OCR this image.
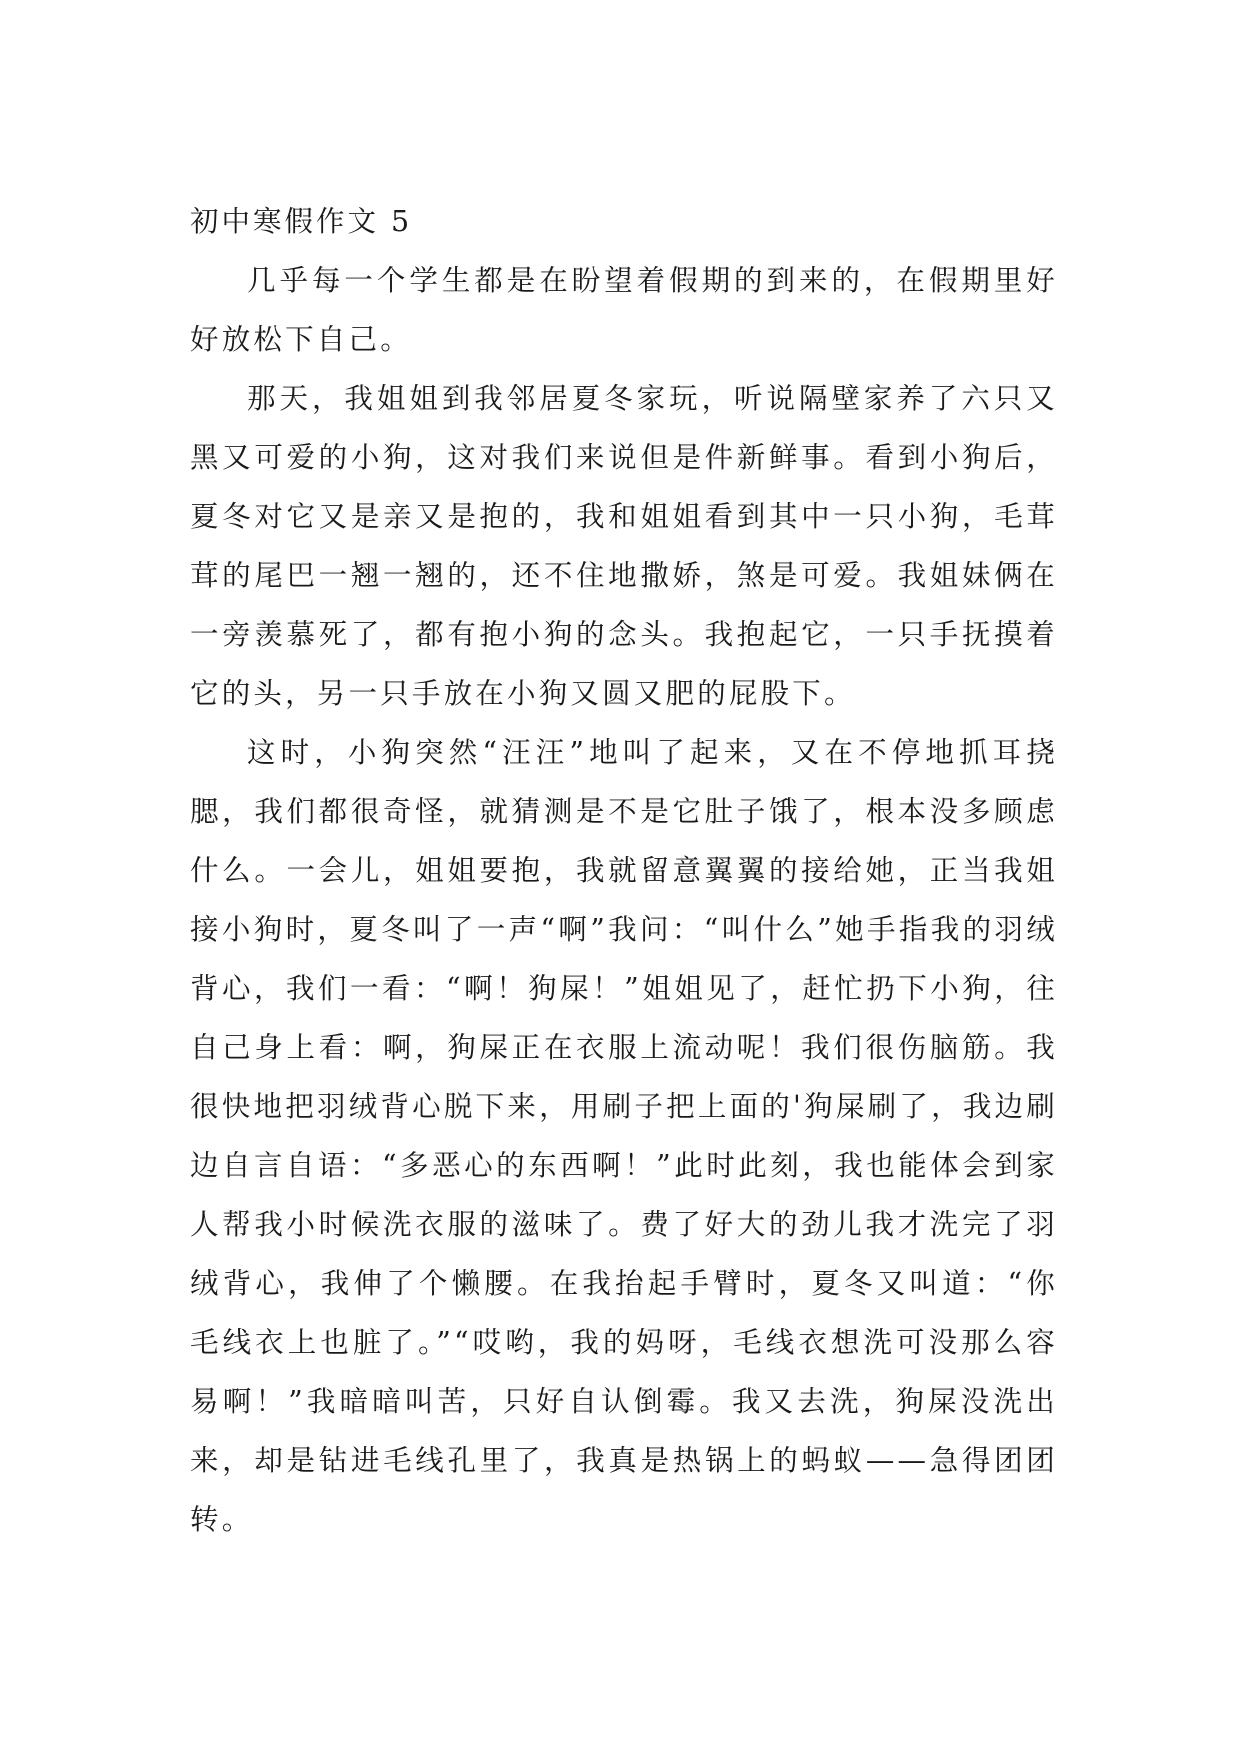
初中寒假作文 5

几乎每一个学生都是在盼望着假期的到来的，在假期里好好放松下自己。

那天，我姐姐到我邻居夏冬家玩，听说隔壁家养了六只又黑又可爱的小狗，这对我们来说但是件新鲜事。看到小狗后，夏冬对它又是亲又是抱的，我和姐姐看到其中一只小狗，毛茸茸的尾巴一翘一翘的，还不住地撒娇，煞是可爱。我姐妹俩在一旁羡慕死了，都有抱小狗的念头。我抱起它，一只手抚摸着它的头，另一只手放在小狗又圆又肥的屁股下。

这时，小狗突然“汪汪”地叫了起来，又在不停地抓耳挠腮，我们都很奇怪，就猜测是不是它肚子饿了，根本没多顾虑什么。一会儿，姐姐要抱，我就留意翼翼的接给她，正当我姐接小狗时，夏冬叫了一声“啊”我问：“叫什么”她手指我的羽绒背心，我们一看：“啊！狗屎！”姐姐见了，赶忙扔下小狗，往自己身上看：啊，狗屎正在衣服上流动呢！我们很伤脑筋。我很快地把羽绒背心脱下来，用刷子把上面的'狗屎刷了，我边刷边自言自语：“多恶心的东西啊！”此时此刻，我也能体会到家人帮我小时候洗衣服的滋味了。费了好大的劲儿我才洗完了羽绒背心，我伸了个懒腰。在我抬起手臂时，夏冬又叫道：“你毛线衣上也脏了。”“哎哟，我的妈呀，毛线衣想洗可没那么容易啊！”我暗暗叫苦，只好自认倒霉。我又去洗，狗屎没洗出来，却是钻进毛线孔里了，我真是热锅上的蚂蚁——急得团团转。
